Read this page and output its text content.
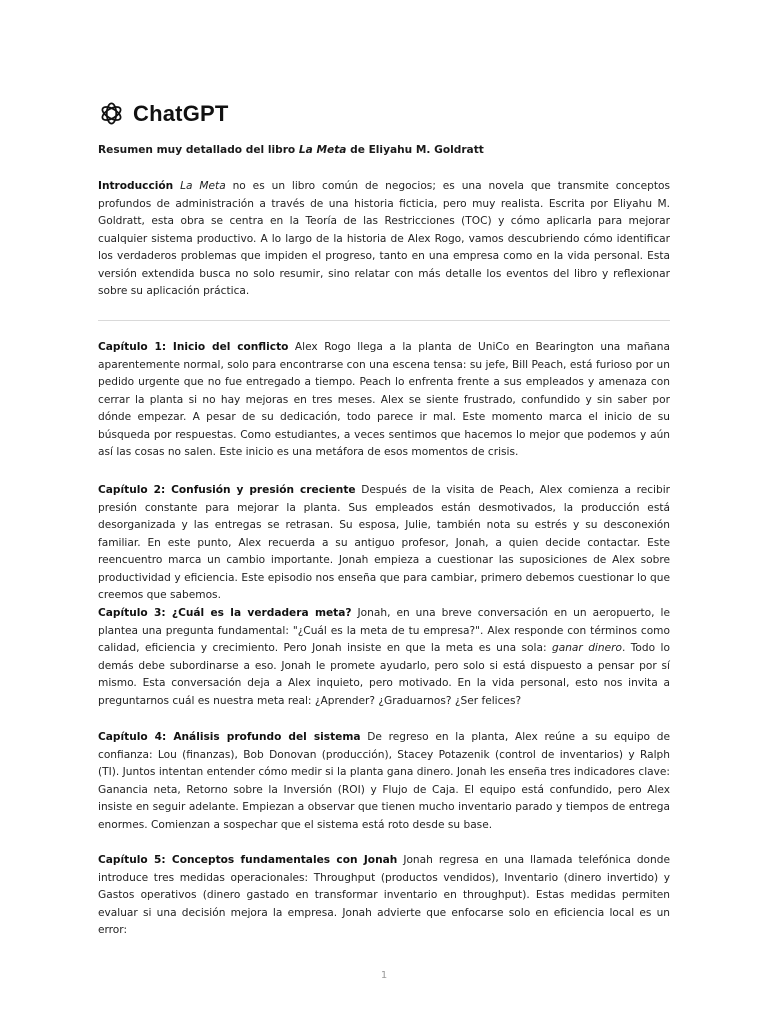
ChatGPT
Resumen muy detallado del libro La Meta de Eliyahu M. Goldratt

Introducción La Meta no es un libro común de negocios; es una novela que transmite conceptos profundos de administración a través de una historia ficticia, pero muy realista. Escrita por Eliyahu M. Goldratt, esta obra se centra en la Teoría de las Restricciones (TOC) y cómo aplicarla para mejorar cualquier sistema productivo. A lo largo de la historia de Alex Rogo, vamos descubriendo cómo identificar los verdaderos problemas que impiden el progreso, tanto en una empresa como en la vida personal. Esta versión extendida busca no solo resumir, sino relatar con más detalle los eventos del libro y reflexionar sobre su aplicación práctica.

Capítulo 1: Inicio del conflicto Alex Rogo llega a la planta de UniCo en Bearington una mañana aparentemente normal, solo para encontrarse con una escena tensa: su jefe, Bill Peach, está furioso por un pedido urgente que no fue entregado a tiempo. Peach lo enfrenta frente a sus empleados y amenaza con cerrar la planta si no hay mejoras en tres meses. Alex se siente frustrado, confundido y sin saber por dónde empezar. A pesar de su dedicación, todo parece ir mal. Este momento marca el inicio de su búsqueda por respuestas. Como estudiantes, a veces sentimos que hacemos lo mejor que podemos y aún así las cosas no salen. Este inicio es una metáfora de esos momentos de crisis.

Capítulo 2: Confusión y presión creciente Después de la visita de Peach, Alex comienza a recibir presión constante para mejorar la planta. Sus empleados están desmotivados, la producción está desorganizada y las entregas se retrasan. Su esposa, Julie, también nota su estrés y su desconexión familiar. En este punto, Alex recuerda a su antiguo profesor, Jonah, a quien decide contactar. Este reencuentro marca un cambio importante. Jonah empieza a cuestionar las suposiciones de Alex sobre productividad y eficiencia. Este episodio nos enseña que para cambiar, primero debemos cuestionar lo que creemos que sabemos.

Capítulo 3: ¿Cuál es la verdadera meta? Jonah, en una breve conversación en un aeropuerto, le plantea una pregunta fundamental: "¿Cuál es la meta de tu empresa?". Alex responde con términos como calidad, eficiencia y crecimiento. Pero Jonah insiste en que la meta es una sola: ganar dinero. Todo lo demás debe subordinarse a eso. Jonah le promete ayudarlo, pero solo si está dispuesto a pensar por sí mismo. Esta conversación deja a Alex inquieto, pero motivado. En la vida personal, esto nos invita a preguntarnos cuál es nuestra meta real: ¿Aprender? ¿Graduarnos? ¿Ser felices?

Capítulo 4: Análisis profundo del sistema De regreso en la planta, Alex reúne a su equipo de confianza: Lou (finanzas), Bob Donovan (producción), Stacey Potazenik (control de inventarios) y Ralph (TI). Juntos intentan entender cómo medir si la planta gana dinero. Jonah les enseña tres indicadores clave: Ganancia neta, Retorno sobre la Inversión (ROI) y Flujo de Caja. El equipo está confundido, pero Alex insiste en seguir adelante. Empiezan a observar que tienen mucho inventario parado y tiempos de entrega enormes. Comienzan a sospechar que el sistema está roto desde su base.

Capítulo 5: Conceptos fundamentales con Jonah Jonah regresa en una llamada telefónica donde introduce tres medidas operacionales: Throughput (productos vendidos), Inventario (dinero invertido) y Gastos operativos (dinero gastado en transformar inventario en throughput). Estas medidas permiten evaluar si una decisión mejora la empresa. Jonah advierte que enfocarse solo en eficiencia local es un error:

1
